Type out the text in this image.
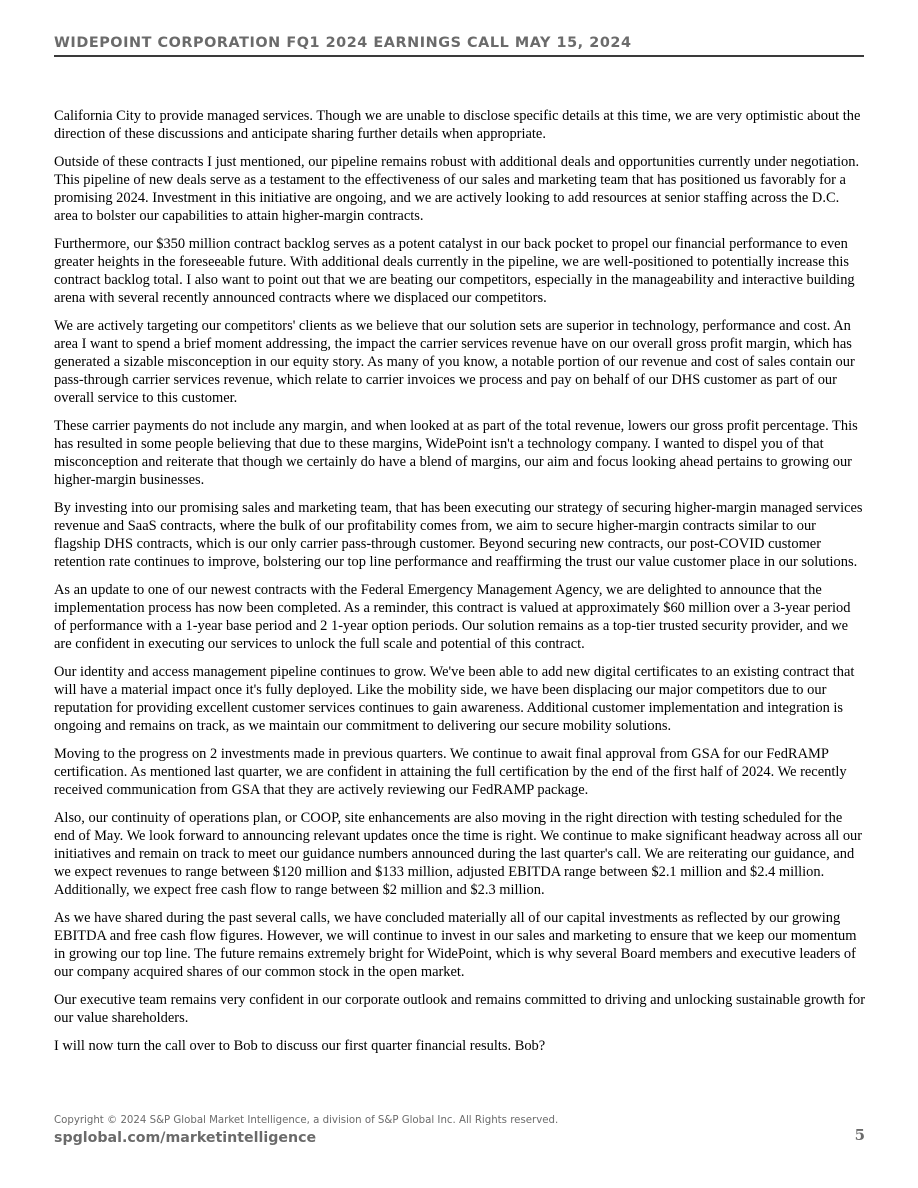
WIDEPOINT CORPORATION FQ1 2024 EARNINGS CALL MAY 15, 2024

California City to provide managed services. Though we are unable to disclose specific details at this time, we are very optimistic about the direction of these discussions and anticipate sharing further details when appropriate.

Outside of these contracts I just mentioned, our pipeline remains robust with additional deals and opportunities currently under negotiation. This pipeline of new deals serve as a testament to the effectiveness of our sales and marketing team that has positioned us favorably for a promising 2024. Investment in this initiative are ongoing, and we are actively looking to add resources at senior staffing across the D.C. area to bolster our capabilities to attain higher-margin contracts.

Furthermore, our $350 million contract backlog serves as a potent catalyst in our back pocket to propel our financial performance to even greater heights in the foreseeable future. With additional deals currently in the pipeline, we are well-positioned to potentially increase this contract backlog total. I also want to point out that we are beating our competitors, especially in the manageability and interactive building arena with several recently announced contracts where we displaced our competitors.

We are actively targeting our competitors' clients as we believe that our solution sets are superior in technology, performance and cost. An area I want to spend a brief moment addressing, the impact the carrier services revenue have on our overall gross profit margin, which has generated a sizable misconception in our equity story. As many of you know, a notable portion of our revenue and cost of sales contain our pass-through carrier services revenue, which relate to carrier invoices we process and pay on behalf of our DHS customer as part of our overall service to this customer.

These carrier payments do not include any margin, and when looked at as part of the total revenue, lowers our gross profit percentage. This has resulted in some people believing that due to these margins, WidePoint isn't a technology company. I wanted to dispel you of that misconception and reiterate that though we certainly do have a blend of margins, our aim and focus looking ahead pertains to growing our higher-margin businesses.

By investing into our promising sales and marketing team, that has been executing our strategy of securing higher-margin managed services revenue and SaaS contracts, where the bulk of our profitability comes from, we aim to secure higher-margin contracts similar to our flagship DHS contracts, which is our only carrier pass-through customer. Beyond securing new contracts, our post-COVID customer retention rate continues to improve, bolstering our top line performance and reaffirming the trust our value customer place in our solutions.

As an update to one of our newest contracts with the Federal Emergency Management Agency, we are delighted to announce that the implementation process has now been completed. As a reminder, this contract is valued at approximately $60 million over a 3-year period of performance with a 1-year base period and 2 1-year option periods. Our solution remains as a top-tier trusted security provider, and we are confident in executing our services to unlock the full scale and potential of this contract.

Our identity and access management pipeline continues to grow. We've been able to add new digital certificates to an existing contract that will have a material impact once it's fully deployed. Like the mobility side, we have been displacing our major competitors due to our reputation for providing excellent customer services continues to gain awareness. Additional customer implementation and integration is ongoing and remains on track, as we maintain our commitment to delivering our secure mobility solutions.

Moving to the progress on 2 investments made in previous quarters. We continue to await final approval from GSA for our FedRAMP certification. As mentioned last quarter, we are confident in attaining the full certification by the end of the first half of 2024. We recently received communication from GSA that they are actively reviewing our FedRAMP package.

Also, our continuity of operations plan, or COOP, site enhancements are also moving in the right direction with testing scheduled for the end of May. We look forward to announcing relevant updates once the time is right. We continue to make significant headway across all our initiatives and remain on track to meet our guidance numbers announced during the last quarter's call. We are reiterating our guidance, and we expect revenues to range between $120 million and $133 million, adjusted EBITDA range between $2.1 million and $2.4 million. Additionally, we expect free cash flow to range between $2 million and $2.3 million.

As we have shared during the past several calls, we have concluded materially all of our capital investments as reflected by our growing EBITDA and free cash flow figures. However, we will continue to invest in our sales and marketing to ensure that we keep our momentum in growing our top line. The future remains extremely bright for WidePoint, which is why several Board members and executive leaders of our company acquired shares of our common stock in the open market.

Our executive team remains very confident in our corporate outlook and remains committed to driving and unlocking sustainable growth for our value shareholders.

I will now turn the call over to Bob to discuss our first quarter financial results. Bob?

Copyright © 2024 S&P Global Market Intelligence, a division of S&P Global Inc. All Rights reserved.
spglobal.com/marketintelligence	5
